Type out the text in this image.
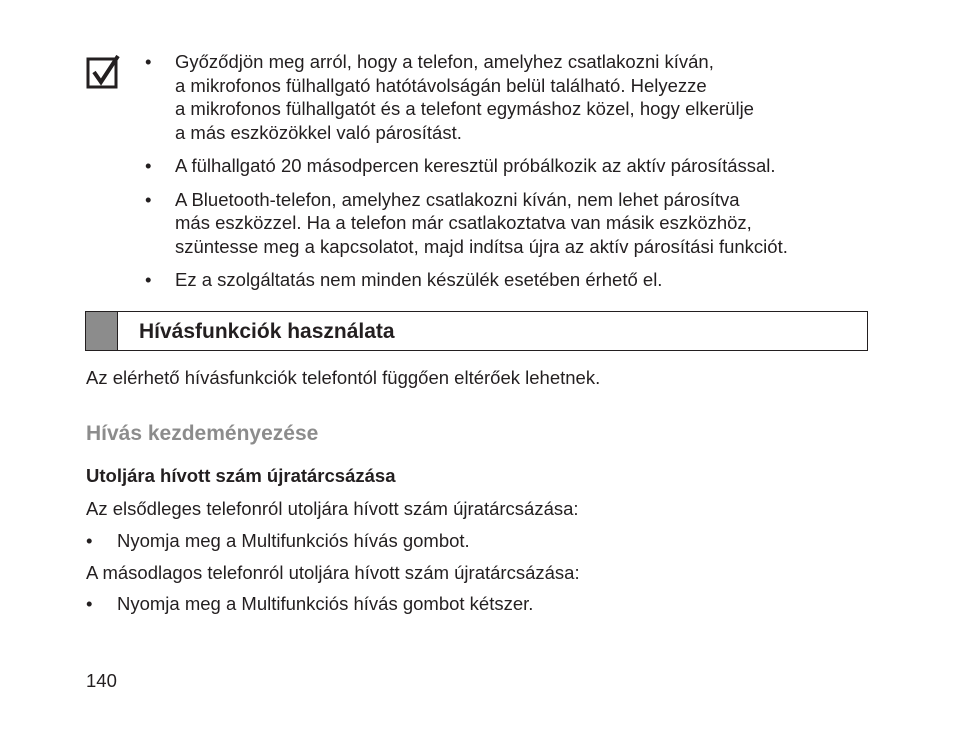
• Győződjön meg arról, hogy a telefon, amelyhez csatlakozni kíván,
a mikrofonos fülhallgató hatótávolságán belül található. Helyezze
a mikrofonos fülhallgatót és a telefont egymáshoz közel, hogy elkerülje
a más eszközökkel való párosítást.
• A fülhallgató 20 másodpercen keresztül próbálkozik az aktív párosítással.
• A Bluetooth-telefon, amelyhez csatlakozni kíván, nem lehet párosítva
más eszközzel. Ha a telefon már csatlakoztatva van másik eszközhöz,
szüntesse meg a kapcsolatot, majd indítsa újra az aktív párosítási funkciót.
• Ez a szolgáltatás nem minden készülék esetében érhető el.
Hívásfunkciók használata

Az elérhető hívásfunkciók telefontól függően eltérőek lehetnek.

Hívás kezdeményezése
Utoljára hívott szám újratárcsázása

Az elsődleges telefonról utoljára hívott szám újratárcsázása:

• Nyomja meg a Multifunkciós hívás gombot.

A másodlagos telefonról utoljára hívott szám újratárcsázása:

• Nyomja meg a Multifunkciós hívás gombot kétszer.
140
